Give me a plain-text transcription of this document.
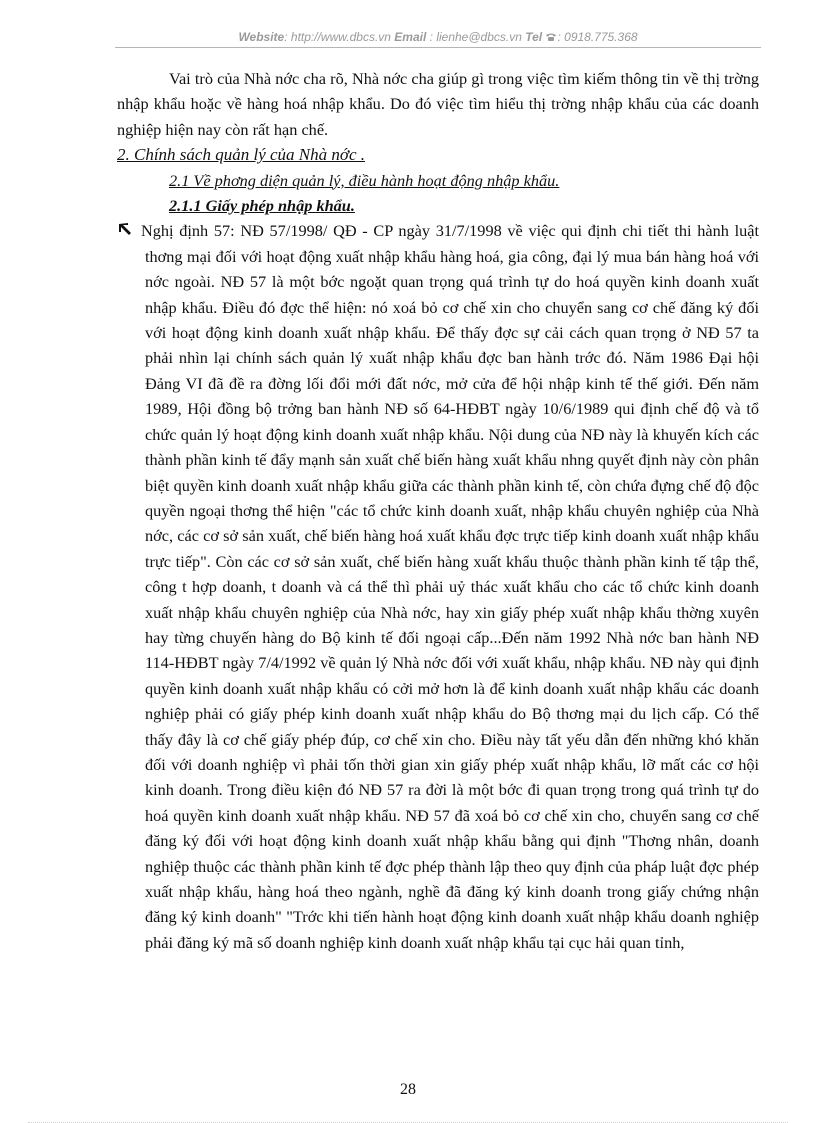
Website: http://www.dbcs.vn Email : lienhe@dbcs.vn Tel : 0918.775.368

Vai trò của Nhà nớc cha rõ, Nhà nớc cha giúp gì trong việc tìm kiếm thông tin về thị trờng nhập khẩu hoặc về hàng hoá nhập khẩu. Do đó việc tìm hiểu thị trờng nhập khẩu của các doanh nghiệp hiện nay còn rất hạn chế.

2. Chính sách quản lý của Nhà nớc .

2.1 Về phơng diện quản lý, điều hành hoạt động nhập khẩu.

2.1.1 Giấy phép nhập khẩu.

Nghị định 57: NĐ 57/1998/ QĐ - CP ngày 31/7/1998 về việc qui định chi tiết thi hành luật thơng mại đối với hoạt động xuất nhập khẩu hàng hoá, gia công, đại lý mua bán hàng hoá với nớc ngoài. NĐ 57 là một bớc ngoặt quan trọng quá trình tự do hoá quyền kinh doanh xuất nhập khẩu. Điều đó đợc thể hiện: nó xoá bỏ cơ chế xin cho chuyển sang cơ chế đăng ký đối với hoạt động kinh doanh xuất nhập khẩu. Để thấy đợc sự cải cách quan trọng ở NĐ 57 ta phải nhìn lại chính sách quản lý xuất nhập khẩu đợc ban hành trớc đó. Năm 1986 Đại hội Đảng VI đã đề ra đờng lối đổi mới đất nớc, mở cửa để hội nhập kinh tế thế giới. Đến năm 1989, Hội đồng bộ trởng ban hành NĐ số 64-HĐBT ngày 10/6/1989 qui định chế độ và tổ chức quản lý hoạt động kinh doanh xuất nhập khẩu. Nội dung của NĐ này là khuyến kích các thành phần kinh tế đẩy mạnh sản xuất chế biến hàng xuất khẩu nhng quyết định này còn phân biệt quyền kinh doanh xuất nhập khẩu giữa các thành phần kinh tế, còn chứa đựng chế độ độc quyền ngoại thơng thể hiện "các tổ chức kinh doanh xuất, nhập khẩu chuyên nghiệp của Nhà nớc, các cơ sở sản xuất, chế biến hàng hoá xuất khẩu đợc trực tiếp kinh doanh xuất nhập khẩu trực tiếp". Còn các cơ sở sản xuất, chế biến hàng xuất khẩu thuộc thành phần kinh tế tập thể, công t hợp doanh, t doanh và cá thể thì phải uỷ thác xuất khẩu cho các tổ chức kinh doanh xuất nhập khẩu chuyên nghiệp của Nhà nớc, hay xin giấy phép xuất nhập khẩu thờng xuyên hay từng chuyến hàng do Bộ kinh tế đối ngoại cấp...Đến năm 1992 Nhà nớc ban hành NĐ 114-HĐBT ngày 7/4/1992 về quản lý Nhà nớc đối với xuất khẩu, nhập khẩu. NĐ này qui định quyền kinh doanh xuất nhập khẩu có cởi mở hơn là để kinh doanh xuất nhập khẩu các doanh nghiệp phải có giấy phép kinh doanh xuất nhập khẩu do Bộ thơng mại du lịch cấp. Có thể thấy đây là cơ chế giấy phép đúp, cơ chế xin cho. Điều này tất yếu dẫn đến những khó khăn đối với doanh nghiệp vì phải tốn thời gian xin giấy phép xuất nhập khẩu, lỡ mất các cơ hội kinh doanh. Trong điều kiện đó NĐ 57 ra đời là một bớc đi quan trọng trong quá trình tự do hoá quyền kinh doanh xuất nhập khẩu. NĐ 57 đã xoá bỏ cơ chế xin cho, chuyển sang cơ chế đăng ký đối với hoạt động kinh doanh xuất nhập khẩu bằng qui định "Thơng nhân, doanh nghiệp thuộc các thành phần kinh tế đợc phép thành lập theo quy định của pháp luật đợc phép xuất nhập khẩu, hàng hoá theo ngành, nghề đã đăng ký kinh doanh trong giấy chứng nhận đăng ký kinh doanh" "Trớc khi tiến hành hoạt động kinh doanh xuất nhập khẩu doanh nghiệp phải đăng ký mã số doanh nghiệp kinh doanh xuất nhập khẩu tại cục hải quan tỉnh,

28
